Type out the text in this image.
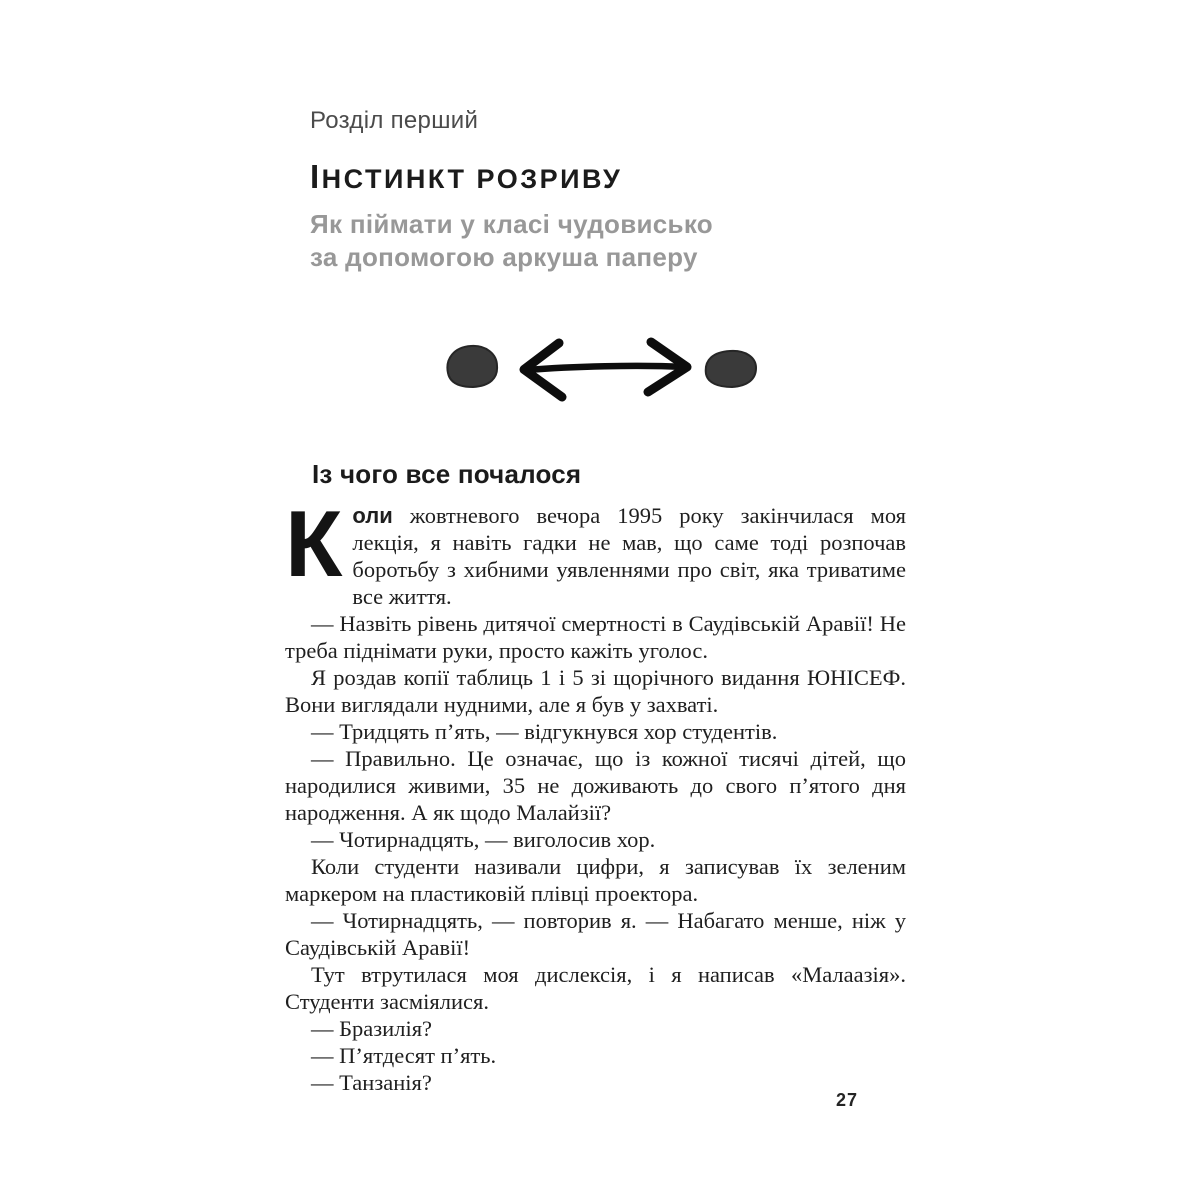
Розділ перший
ІНСТИНКТ РОЗРИВУ
Як піймати у класі чудовисько
за допомогою аркуша паперу
Із чого все почалося

Коли жовтневого вечора 1995 року закінчилася моя лекція, я навіть гадки не мав, що саме тоді розпочав боротьбу з хибними уявленнями про світ, яка триватиме все життя.

— Назвіть рівень дитячої смертності в Саудівській Аравії! Не треба піднімати руки, просто кажіть уголос.

Я роздав копії таблиць 1 і 5 зі щорічного видання ЮНІСЕФ. Вони виглядали нудними, але я був у захваті.

— Тридцять п’ять, — відгукнувся хор студентів.

— Правильно. Це означає, що із кожної тисячі дітей, що народилися живими, 35 не доживають до свого п’ятого дня народження. А як щодо Малайзії?

— Чотирнадцять, — виголосив хор.

Коли студенти називали цифри, я записував їх зеленим маркером на пластиковій плівці проектора.

— Чотирнадцять, — повторив я. — Набагато менше, ніж у Саудівській Аравії!

Тут втрутилася моя дислексія, і я написав «Малаазія». Студенти засміялися.

— Бразилія?

— П’ятдесят п’ять.

— Танзанія?

27
